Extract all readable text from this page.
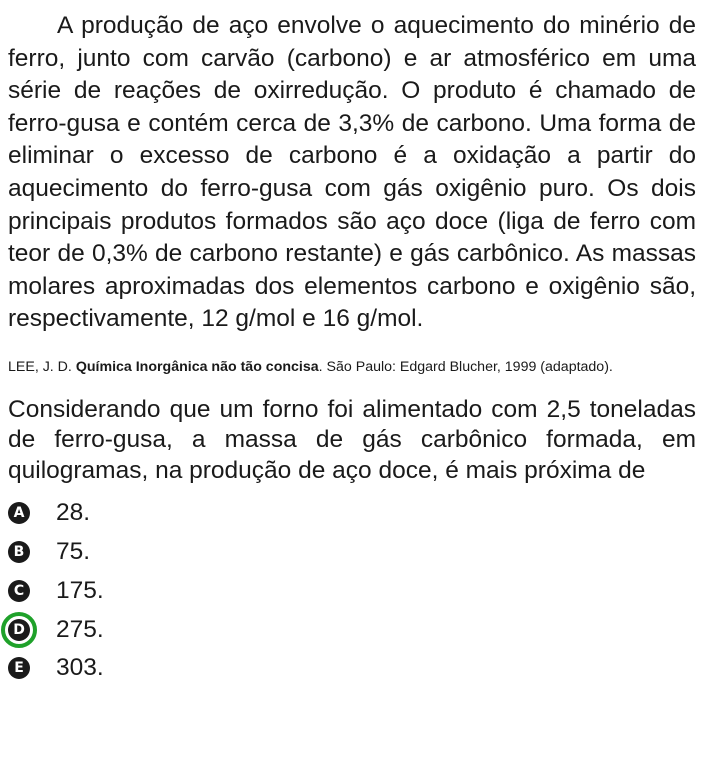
A produção de aço envolve o aquecimento do minério de ferro, junto com carvão (carbono) e ar atmosférico em uma série de reações de oxirredução. O produto é chamado de ferro-gusa e contém cerca de 3,3% de carbono. Uma forma de eliminar o excesso de carbono é a oxidação a partir do aquecimento do ferro-gusa com gás oxigênio puro. Os dois principais produtos formados são aço doce (liga de ferro com teor de 0,3% de carbono restante) e gás carbônico. As massas molares aproximadas dos elementos carbono e oxigênio são, respectivamente, 12 g/mol e 16 g/mol.

LEE, J. D. Química Inorgânica não tão concisa. São Paulo: Edgard Blucher, 1999 (adaptado).

Considerando que um forno foi alimentado com 2,5 toneladas de ferro-gusa, a massa de gás carbônico formada, em quilogramas, na produção de aço doce, é mais próxima de

A 28.
B 75.
C 175.
D 275.
E 303.
